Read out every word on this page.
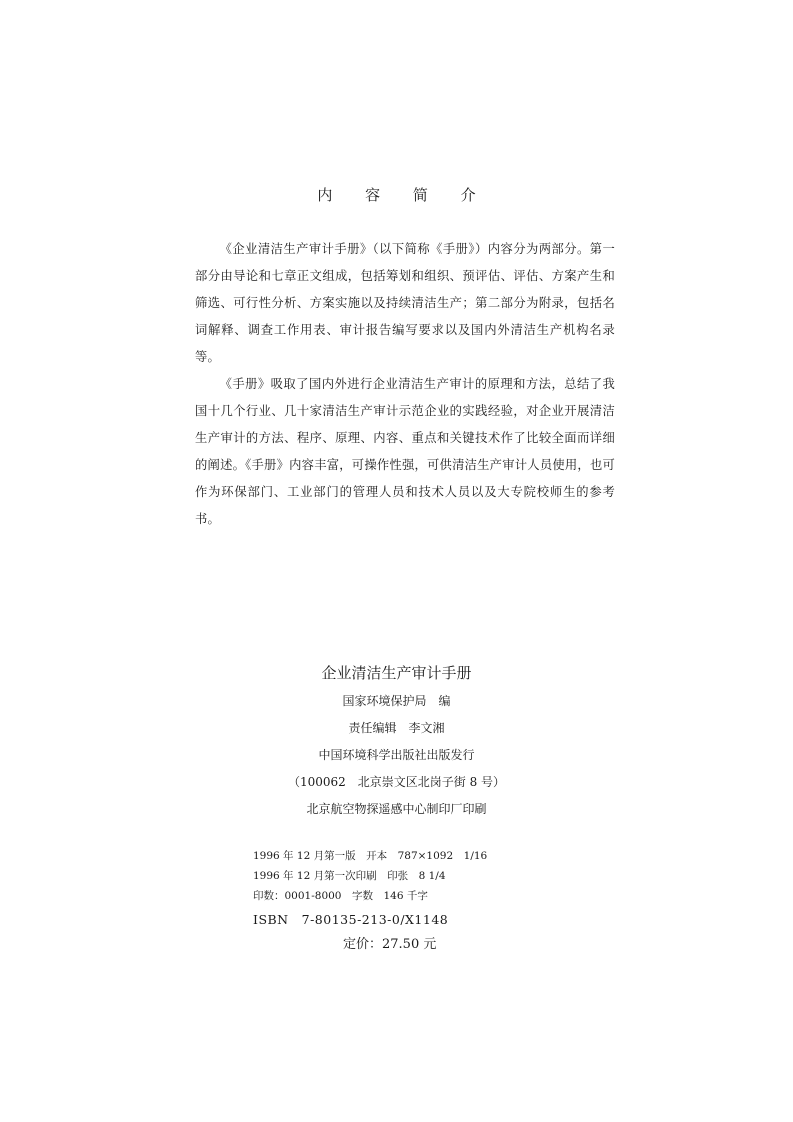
内 容 简 介

《企业清洁生产审计手册》（以下简称《手册》）内容分为两部分。第一部分由导论和七章正文组成，包括筹划和组织、预评估、评估、方案产生和筛选、可行性分析、方案实施以及持续清洁生产；第二部分为附录，包括名词解释、调查工作用表、审计报告编写要求以及国内外清洁生产机构名录等。

《手册》吸取了国内外进行企业清洁生产审计的原理和方法，总结了我国十几个行业、几十家清洁生产审计示范企业的实践经验，对企业开展清洁生产审计的方法、程序、原理、内容、重点和关键技术作了比较全面而详细的阐述。《手册》内容丰富，可操作性强，可供清洁生产审计人员使用，也可作为环保部门、工业部门的管理人员和技术人员以及大专院校师生的参考书。

企业清洁生产审计手册
国家环境保护局　编
责任编辑　李文湘
中国环境科学出版社出版发行
（100062　北京崇文区北岗子街 8 号）
北京航空物探遥感中心制印厂印刷
1996 年 12 月第一版　开本　787×1092　1/16
1996 年 12 月第一次印刷　印张　8 1/4
印数：0001-8000　字数　146 千字
ISBN　7-80135-213-0/X1148
定价：27.50 元
